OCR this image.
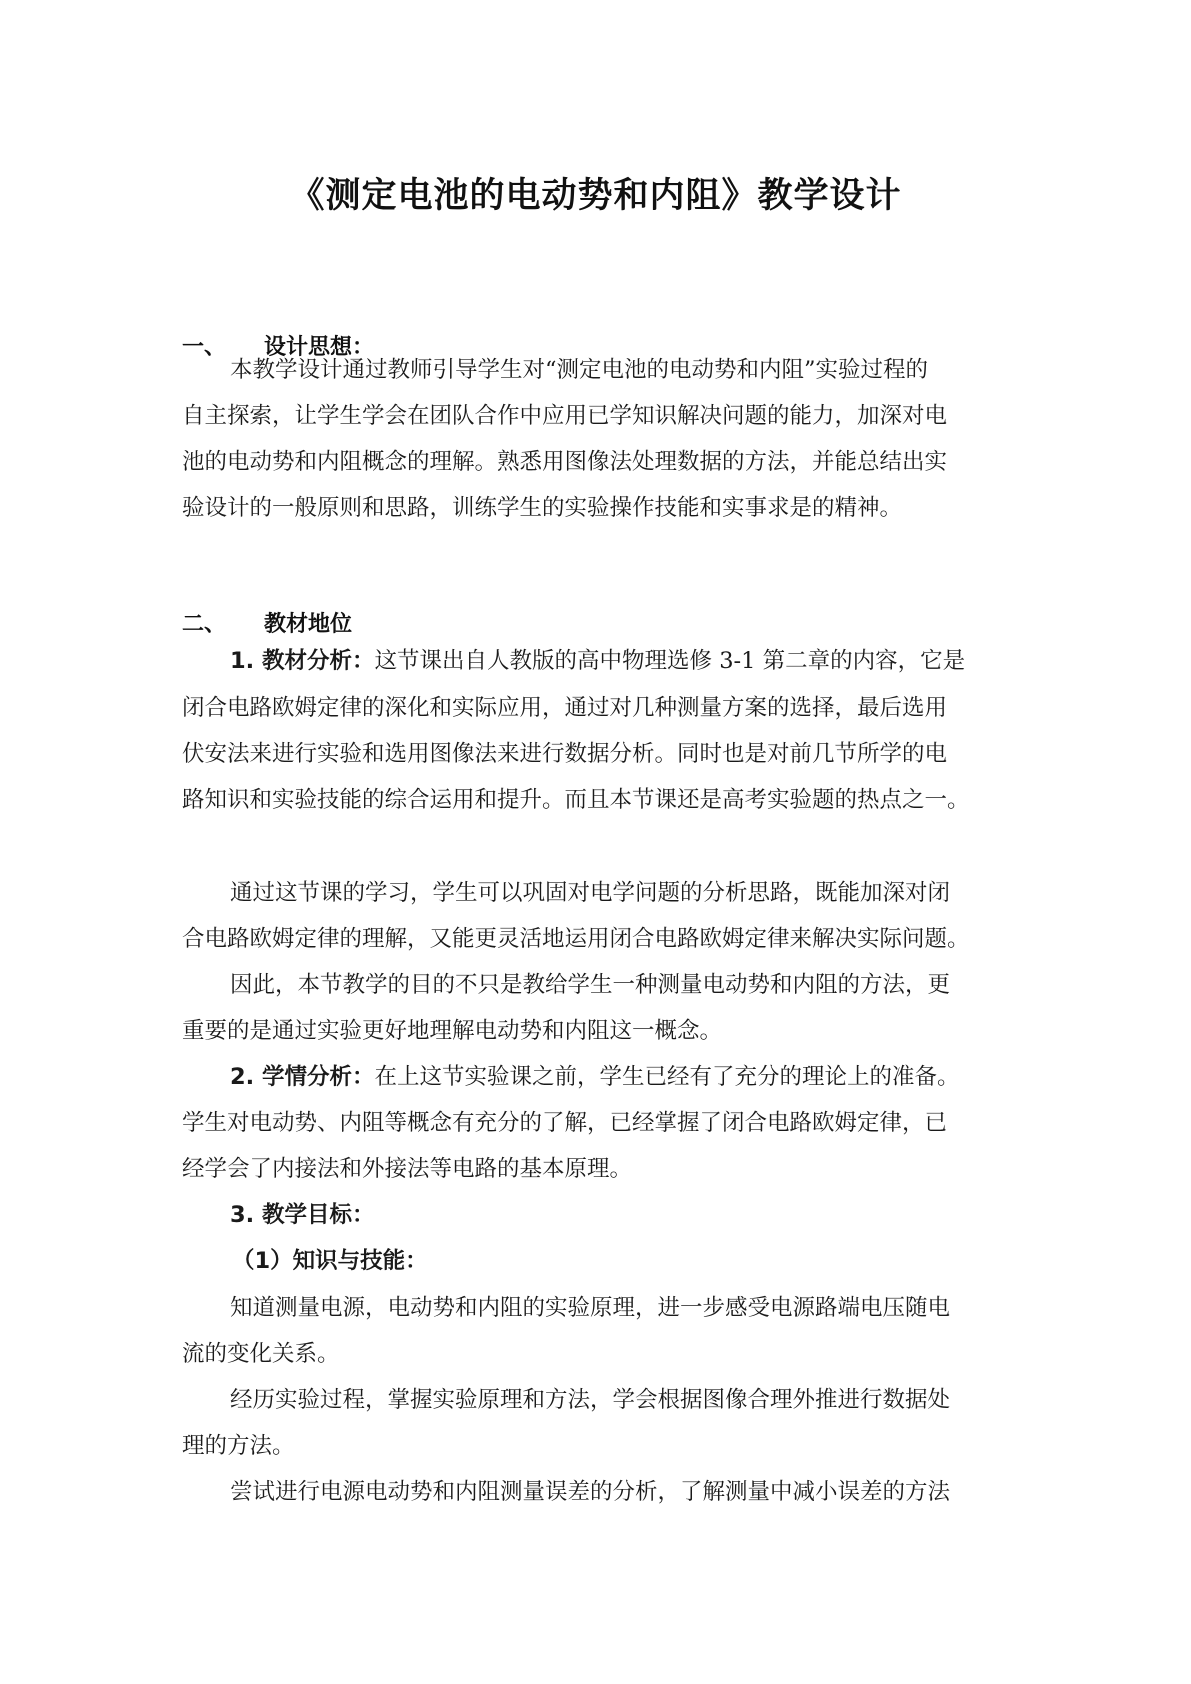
《测定电池的电动势和内阻》教学设计
一、 设计思想：
本教学设计通过教师引导学生对“测定电池的电动势和内阻”实验过程的
自主探索，让学生学会在团队合作中应用已学知识解决问题的能力，加深对电
池的电动势和内阻概念的理解。熟悉用图像法处理数据的方法，并能总结出实
验设计的一般原则和思路，训练学生的实验操作技能和实事求是的精神。
二、 教材地位
1. 教材分析：这节课出自人教版的高中物理选修 3-1 第二章的内容，它是
闭合电路欧姆定律的深化和实际应用，通过对几种测量方案的选择，最后选用
伏安法来进行实验和选用图像法来进行数据分析。同时也是对前几节所学的电
路知识和实验技能的综合运用和提升。而且本节课还是高考实验题的热点之一。
通过这节课的学习，学生可以巩固对电学问题的分析思路，既能加深对闭
合电路欧姆定律的理解，又能更灵活地运用闭合电路欧姆定律来解决实际问题。
因此，本节教学的目的不只是教给学生一种测量电动势和内阻的方法，更
重要的是通过实验更好地理解电动势和内阻这一概念。
2. 学情分析：在上这节实验课之前，学生已经有了充分的理论上的准备。
学生对电动势、内阻等概念有充分的了解，已经掌握了闭合电路欧姆定律，已
经学会了内接法和外接法等电路的基本原理。
3. 教学目标：
（1）知识与技能：
知道测量电源，电动势和内阻的实验原理，进一步感受电源路端电压随电
流的变化关系。
经历实验过程，掌握实验原理和方法，学会根据图像合理外推进行数据处
理的方法。
尝试进行电源电动势和内阻测量误差的分析，了解测量中减小误差的方法
